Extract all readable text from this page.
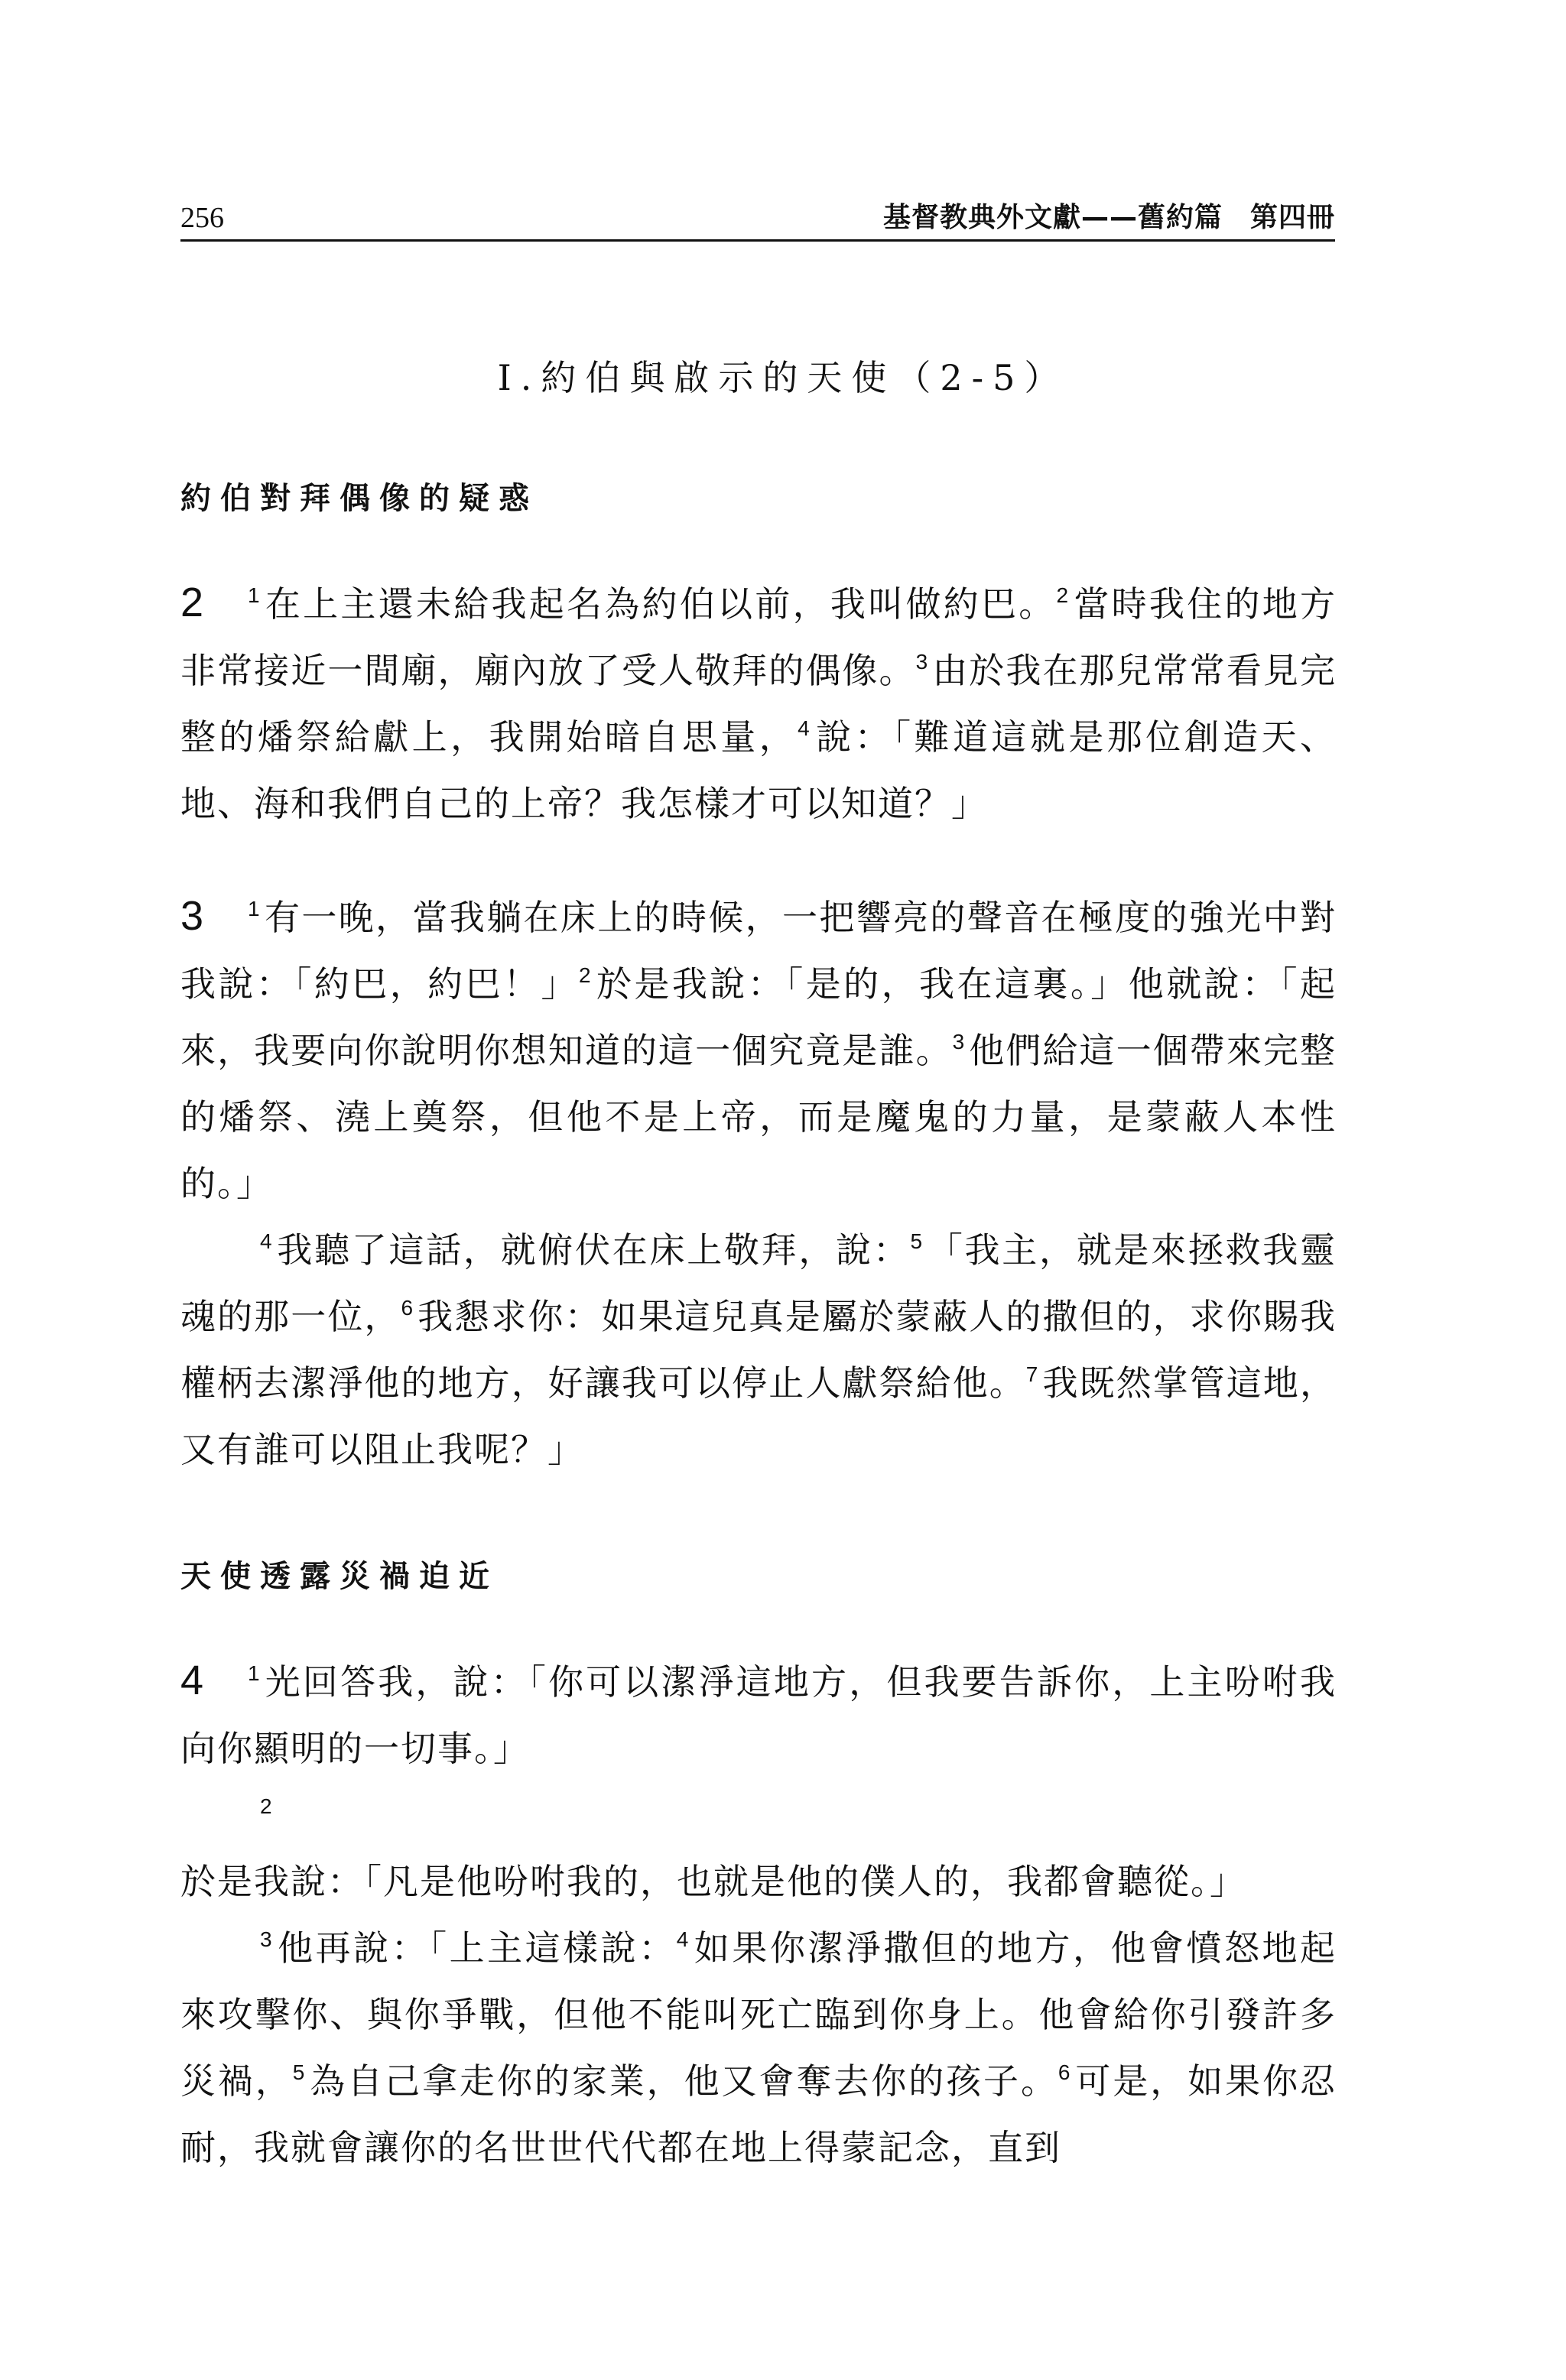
256	基督教典外文獻——舊約篇 第四冊
I.約伯與啟示的天使（2-5）
約伯對拜偶像的疑惑

2 $^1$ 在上主還未給我起名為約伯以前，我叫做約巴。$^2$ 當時我住的地方非常接近一間廟，廟內放了受人敬拜的偶像。$^3$ 由於我在那兒常常看見完整的燔祭給獻上，我開始暗自思量，$^4$ 說：「難道這就是那位創造天、地、海和我們自己的上帝？我怎樣才可以知道？」

3 $^1$ 有一晚，當我躺在床上的時候，一把響亮的聲音在極度的強光中對我說：「約巴，約巴！」$^2$ 於是我說：「是的，我在這裏。」他就說：「起來，我要向你說明你想知道的這一個究竟是誰。$^3$ 他們給這一個帶來完整的燔祭、澆上奠祭，但他不是上帝，而是魔鬼的力量，是蒙蔽人本性的。」

$^4$ 我聽了這話，就俯伏在床上敬拜，說：$^5$ 「我主，就是來拯救我靈魂的那一位，$^6$ 我懇求你：如果這兒真是屬於蒙蔽人的撒但的，求你賜我權柄去潔淨他的地方，好讓我可以停止人獻祭給他。$^7$ 我既然掌管這地，又有誰可以阻止我呢？」

天使透露災禍迫近

4 $^1$ 光回答我，說：「你可以潔淨這地方，但我要告訴你，上主吩咐我向你顯明的一切事。」

$^2$於是我說：「凡是他吩咐我的，也就是他的僕人的，我都會聽從。」

$^3$ 他再說：「上主這樣說：$^4$ 如果你潔淨撒但的地方，他會憤怒地起來攻擊你、與你爭戰，但他不能叫死亡臨到你身上。他會給你引發許多災禍，$^5$ 為自己拿走你的家業，他又會奪去你的孩子。$^6$ 可是，如果你忍耐，我就會讓你的名世世代代都在地上得蒙記念，直到
